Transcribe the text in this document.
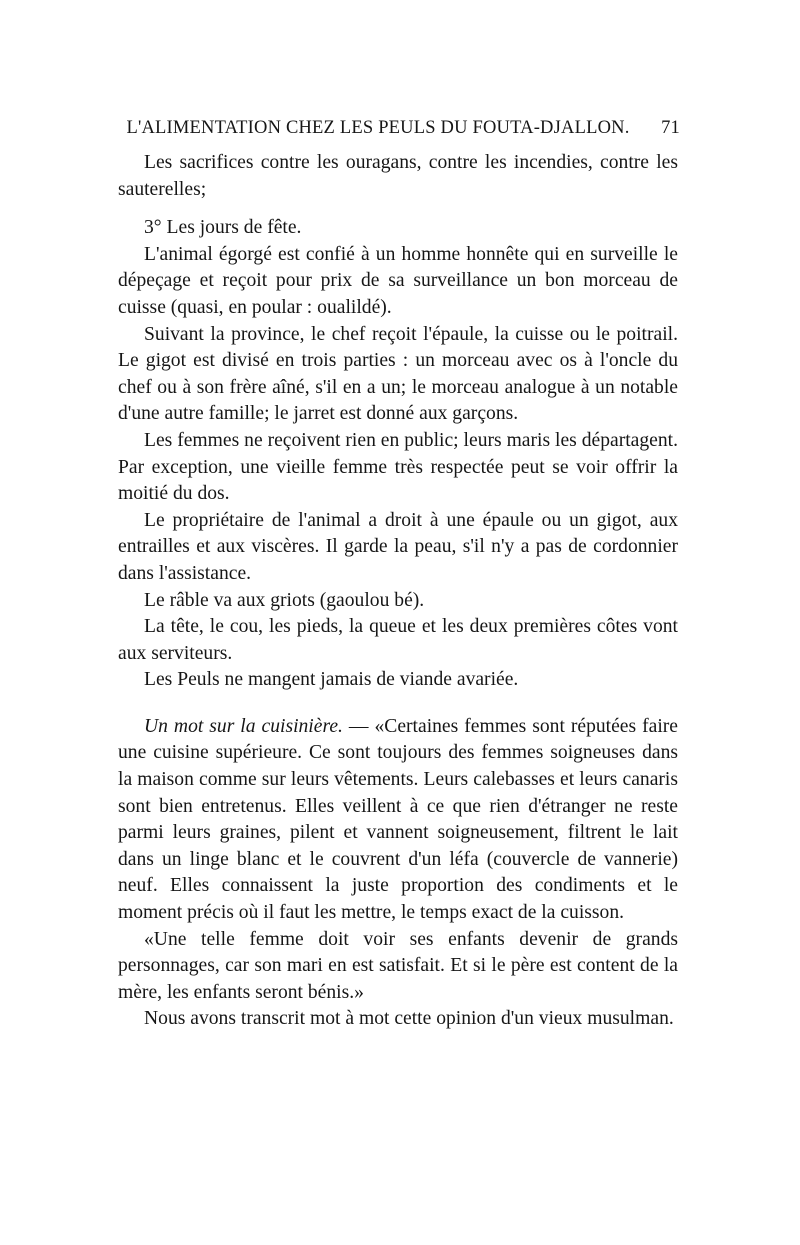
L'ALIMENTATION CHEZ LES PEULS DU FOUTA-DJALLON. 71

Les sacrifices contre les ouragans, contre les incendies, contre les sauterelles;

3° Les jours de fête.

L'animal égorgé est confié à un homme honnête qui en surveille le dépeçage et reçoit pour prix de sa surveillance un bon morceau de cuisse (quasi, en poular : oualildé).

Suivant la province, le chef reçoit l'épaule, la cuisse ou le poitrail. Le gigot est divisé en trois parties : un morceau avec os à l'oncle du chef ou à son frère aîné, s'il en a un; le morceau analogue à un notable d'une autre famille; le jarret est donné aux garçons.

Les femmes ne reçoivent rien en public; leurs maris les départagent. Par exception, une vieille femme très respectée peut se voir offrir la moitié du dos.

Le propriétaire de l'animal a droit à une épaule ou un gigot, aux entrailles et aux viscères. Il garde la peau, s'il n'y a pas de cordonnier dans l'assistance.

Le râble va aux griots (gaoulou bé).

La tête, le cou, les pieds, la queue et les deux premières côtes vont aux serviteurs.

Les Peuls ne mangent jamais de viande avariée.

Un mot sur la cuisinière. — «Certaines femmes sont réputées faire une cuisine supérieure. Ce sont toujours des femmes soigneuses dans la maison comme sur leurs vêtements. Leurs calebasses et leurs canaris sont bien entretenus. Elles veillent à ce que rien d'étranger ne reste parmi leurs graines, pilent et vannent soigneusement, filtrent le lait dans un linge blanc et le couvrent d'un léfa (couvercle de vannerie) neuf. Elles connaissent la juste proportion des condiments et le moment précis où il faut les mettre, le temps exact de la cuisson.

«Une telle femme doit voir ses enfants devenir de grands personnages, car son mari en est satisfait. Et si le père est content de la mère, les enfants seront bénis.»

Nous avons transcrit mot à mot cette opinion d'un vieux musulman.
